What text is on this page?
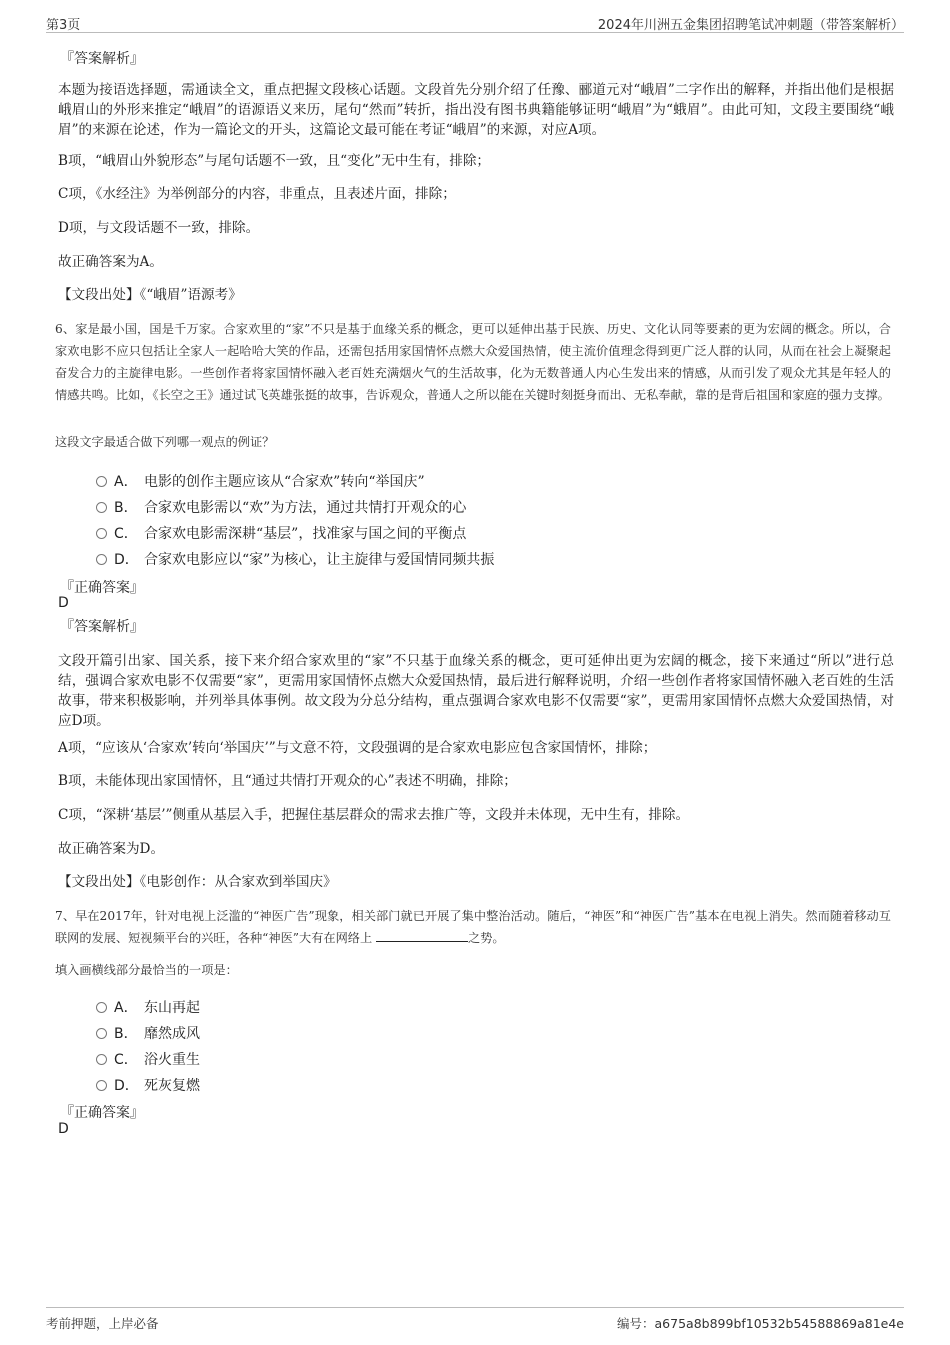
第3页	2024年川洲五金集团招聘笔试冲刺题（带答案解析）
『答案解析』
本题为接语选择题，需通读全文，重点把握文段核心话题。文段首先分别介绍了任豫、郦道元对“峨眉”二字作出的解释，并指出他们是根据峨眉山的外形来推定“峨眉”的语源语义来历，尾句“然而”转折，指出没有图书典籍能够证明“峨眉”为“蛾眉”。由此可知，文段主要围绕“峨眉”的来源在论述，作为一篇论文的开头，这篇论文最可能在考证“峨眉”的来源，对应A项。
B项，“峨眉山外貌形态”与尾句话题不一致，且“变化”无中生有，排除；
C项，《水经注》为举例部分的内容，非重点，且表述片面，排除；
D项，与文段话题不一致，排除。
故正确答案为A。
【文段出处】《“峨眉”语源考》
6、家是最小国，国是千万家。合家欢里的“家”不只是基于血缘关系的概念，更可以延伸出基于民族、历史、文化认同等要素的更为宏阔的概念。所以，合家欢电影不应只包括让全家人一起哈哈大笑的作品，还需包括用家国情怀点燃大众爱国热情，使主流价值理念得到更广泛人群的认同，从而在社会上凝聚起奋发合力的主旋律电影。一些创作者将家国情怀融入老百姓充满烟火气的生活故事，化为无数普通人内心生发出来的情感，从而引发了观众尤其是年轻人的情感共鸣。比如，《长空之王》通过试飞英雄张挺的故事，告诉观众，普通人之所以能在关键时刻挺身而出、无私奉献，靠的是背后祖国和家庭的强力支撑。
这段文字最适合做下列哪一观点的例证？
A． 电影的创作主题应该从“合家欢”转向“举国庆”
B． 合家欢电影需以“欢”为方法，通过共情打开观众的心
C． 合家欢电影需深耕“基层”，找准家与国之间的平衡点
D． 合家欢电影应以“家”为核心，让主旋律与爱国情同频共振
『正确答案』
D
『答案解析』
文段开篇引出家、国关系，接下来介绍合家欢里的“家”不只基于血缘关系的概念，更可延伸出更为宏阔的概念，接下来通过“所以”进行总结，强调合家欢电影不仅需要“家”，更需用家国情怀点燃大众爱国热情，最后进行解释说明，介绍一些创作者将家国情怀融入老百姓的生活故事，带来积极影响，并列举具体事例。故文段为分总分结构，重点强调合家欢电影不仅需要“家”，更需用家国情怀点燃大众爱国热情，对应D项。
A项，“应该从‘合家欢’转向‘举国庆’”与文意不符，文段强调的是合家欢电影应包含家国情怀，排除；
B项，未能体现出家国情怀，且“通过共情打开观众的心”表述不明确，排除；
C项，“深耕‘基层’”侧重从基层入手，把握住基层群众的需求去推广等，文段并未体现，无中生有，排除。
故正确答案为D。
【文段出处】《电影创作：从合家欢到举国庆》
7、早在2017年，针对电视上泛滥的“神医广告”现象，相关部门就已开展了集中整治活动。随后，“神医”和“神医广告”基本在电视上消失。然而随着移动互联网的发展、短视频平台的兴旺，各种“神医”大有在网络上	之势。
填入画横线部分最恰当的一项是：
A． 东山再起
B． 靡然成风
C． 浴火重生
D． 死灰复燃
『正确答案』
D
考前押题，上岸必备	编号：a675a8b899bf10532b54588869a81e4e
